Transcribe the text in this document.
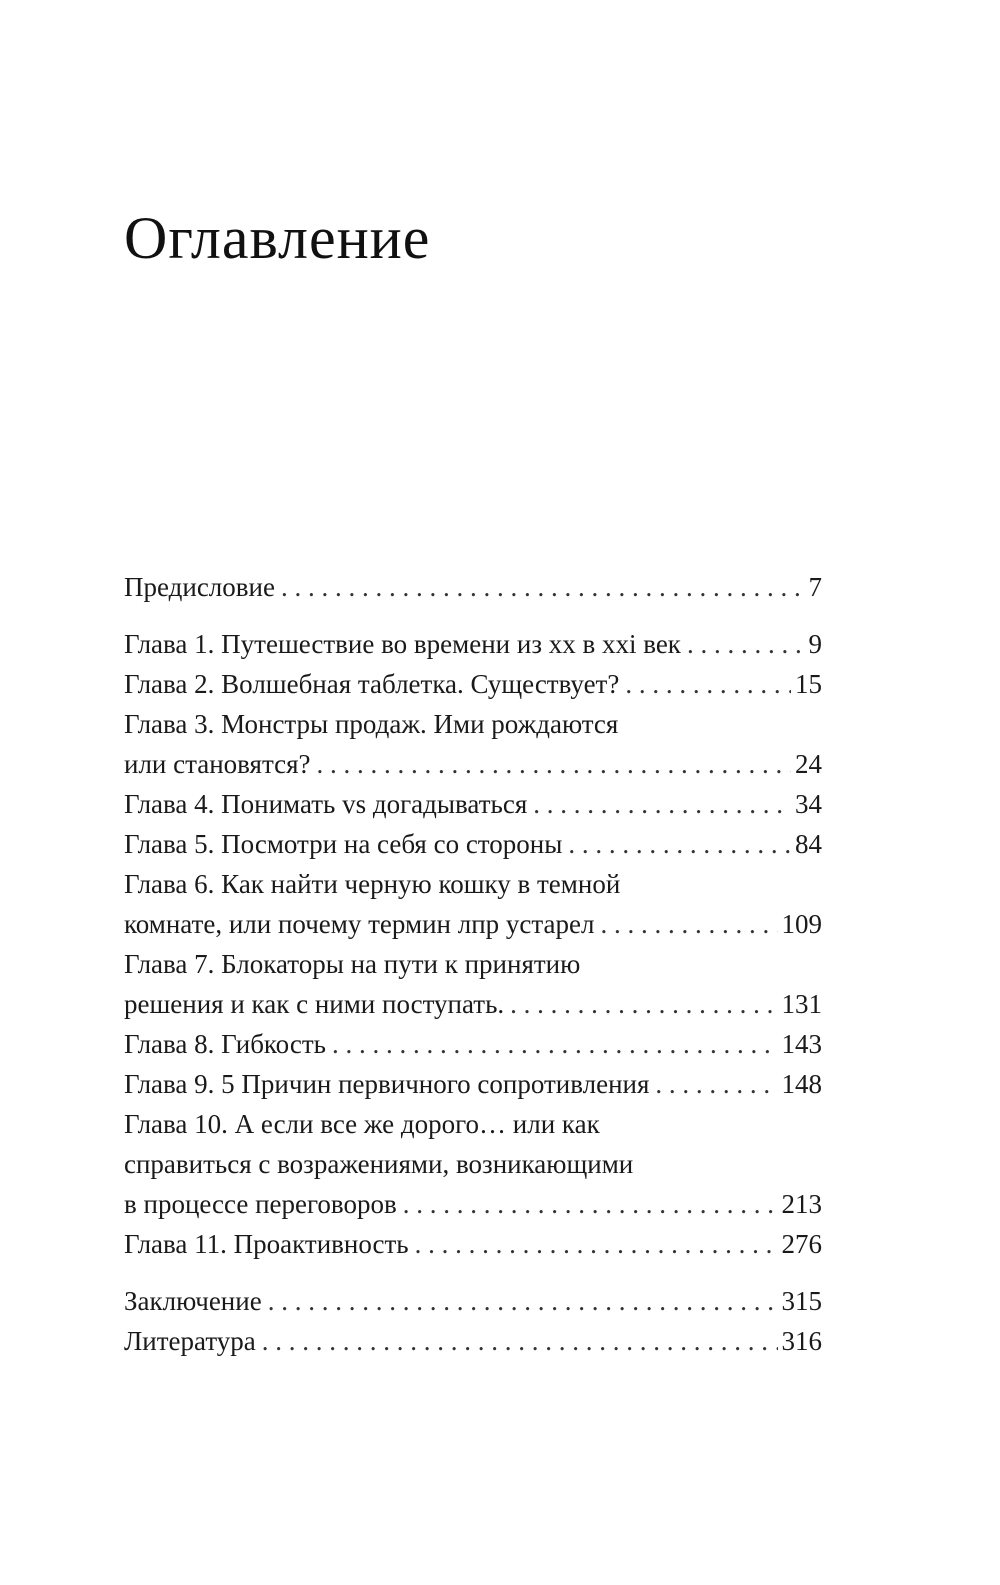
Оглавление
Предисловие . . .	7
Глава 1. Путешествие во времени из xx в xxi век . . .	9
Глава 2. Волшебная таблетка. Существует? . . .	15
Глава 3. Монстры продаж. Ими рождаются
или становятся? . . .	24
Глава 4. Понимать vs догадываться . . .	34
Глава 5. Посмотри на себя со стороны . . .	84
Глава 6. Как найти черную кошку в темной
комнате, или почему термин лпр устарел . . .	109
Глава 7. Блокаторы на пути к принятию
решения и как с ними поступать. . . .	131
Глава 8. Гибкость . . .	143
Глава 9. 5 Причин первичного сопротивления . . .	148
Глава 10. А если все же дорого… или как
справиться с возражениями, возникающими
в процессе переговоров . . .	213
Глава 11. Проактивность . . .	276
Заключение . . .	315
Литература . . .	316
